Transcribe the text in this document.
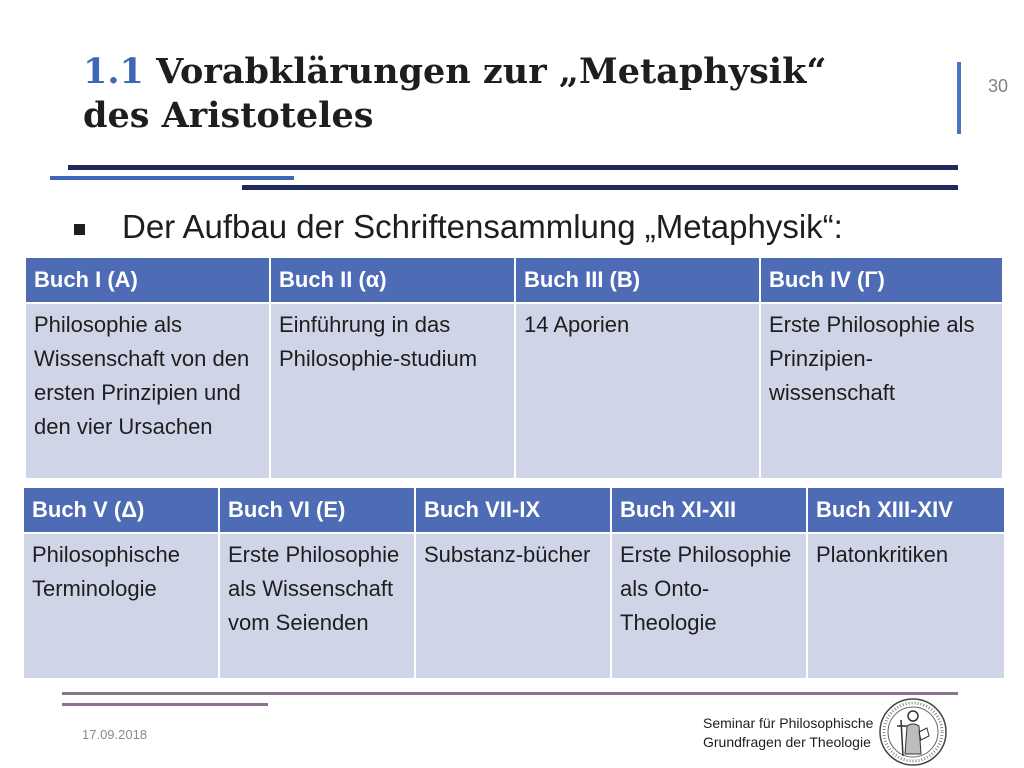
1.1 Vorabklärungen zur „Metaphysik“
des Aristoteles
30
Der Aufbau der Schriftensammlung „Metaphysik“:
Buch I (Α)	Buch II (α)	Buch III (Β)	Buch IV (Γ)
Philosophie als Wissenschaft von den ersten Prinzipien und den vier Ursachen	Einführung in das Philosophie-studium	14 Aporien	Erste Philosophie als Prinzipien-wissenschaft
Buch V (Δ)	Buch VI (Ε)	Buch VII-IX	Buch XI-XII	Buch XIII-XIV
Philosophische Terminologie	Erste Philosophie als Wissenschaft vom Seienden	Substanz-bücher	Erste Philosophie als Onto-Theologie	Platonkritiken
17.09.2018

Seminar für Philosophische
Grundfragen der Theologie
